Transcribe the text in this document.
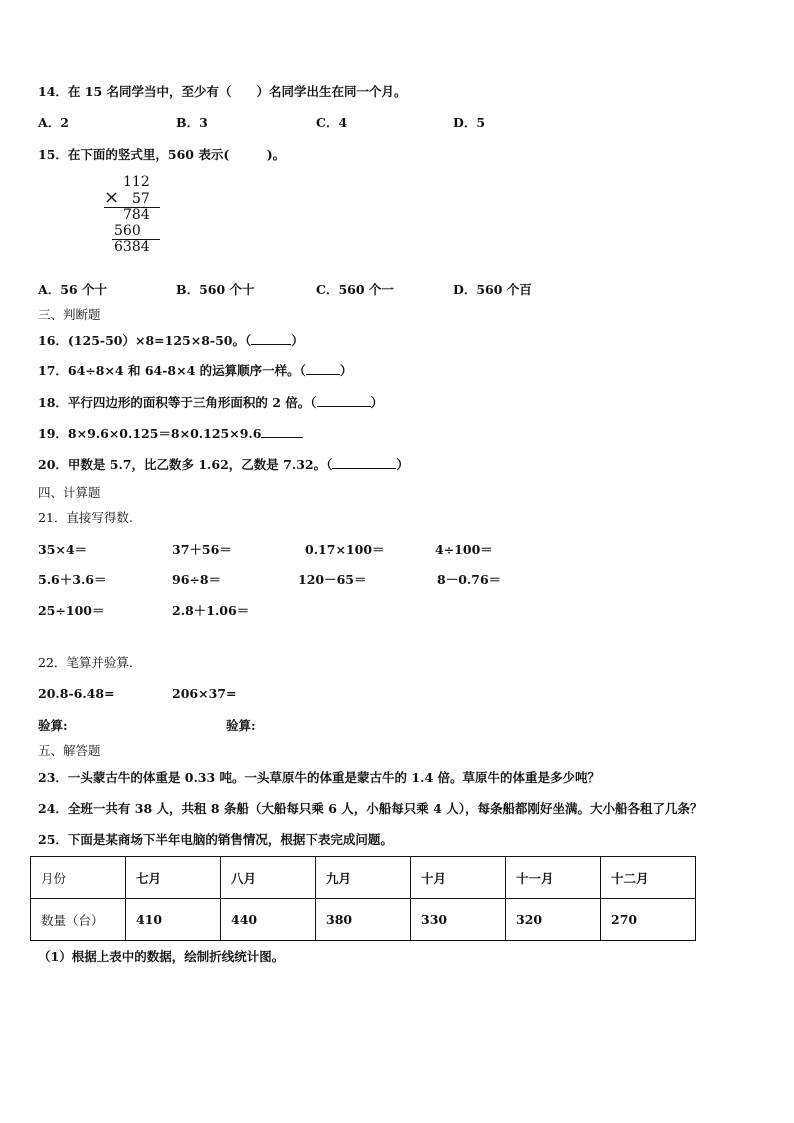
14．在 15 名同学当中，至少有（　　）名同学出生在同一个月。
A．2	B．3	C．4	D．5
15．在下面的竖式里，560 表示(　　　)。
112
× 57
784
560
6384
A．56 个十	B．560 个十	C．560 个一	D．560 个百
三、判断题
16．(125-50）×8=125×8-50。（	）
17．64÷8×4 和 64-8×4 的运算顺序一样。（	）
18．平行四边形的面积等于三角形面积的 2 倍。（	）
19．8×9.6×0.125＝8×0.125×9.6
20．甲数是 5.7，比乙数多 1.62，乙数是 7.32。（	）
四、计算题
21．直接写得数.
35×4＝	37＋56＝	0.17×100＝	4÷100＝
5.6＋3.6＝	96÷8＝	120－65＝	8－0.76＝
25÷100＝	2.8＋1.06＝
22．笔算并验算.
20.8-6.48=	206×37=
验算:	验算:
五、解答题
23．一头蒙古牛的体重是 0.33 吨。一头草原牛的体重是蒙古牛的 1.4 倍。草原牛的体重是多少吨？
24．全班一共有 38 人，共租 8 条船（大船每只乘 6 人，小船每只乘 4 人），每条船都刚好坐满。大小船各租了几条？
25．下面是某商场下半年电脑的销售情况，根据下表完成问题。
月份	七月	八月	九月	十月	十一月	十二月
数量（台）	410	440	380	330	320	270
（1）根据上表中的数据，绘制折线统计图。
